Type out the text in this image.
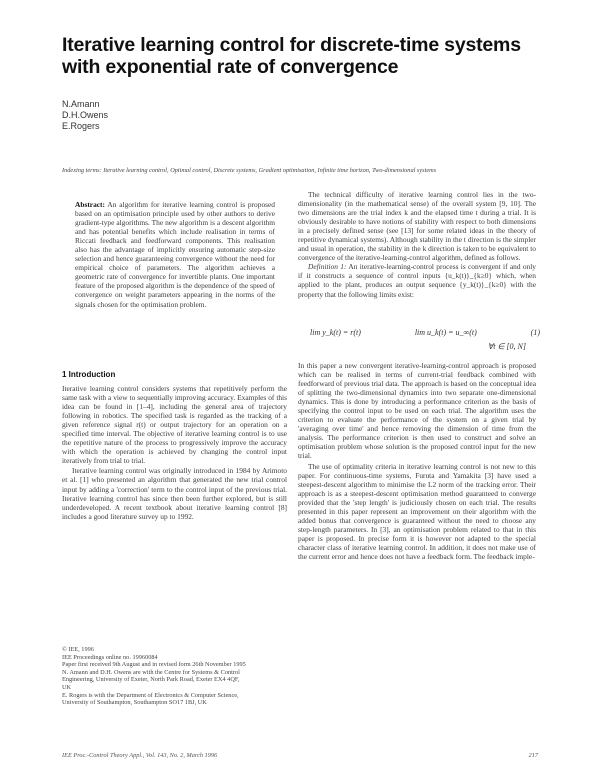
Iterative learning control for discrete-time systems
with exponential rate of convergence
N.Amann
D.H.Owens
E.Rogers
Indexing terms: Iterative learning control, Optimal control, Discrete systems, Gradient optimisation, Infinite time horizon, Two-dimensional systems

Abstract: An algorithm for iterative learning control is proposed based on an optimisation principle used by other authors to derive gradient-type algorithms. The new algorithm is a descent algorithm and has potential benefits which include realisation in terms of Riccati feedback and feedforward components. This realisation also has the advantage of implicitly ensuring automatic step-size selection and hence guaranteeing convergence without the need for empirical choice of parameters. The algorithm achieves a geometric rate of convergence for invertible plants. One important feature of the proposed algorithm is the dependence of the speed of convergence on weight parameters appearing in the norms of the signals chosen for the optimisation problem.

1 Introduction

Iterative learning control considers systems that repetitively perform the same task with a view to sequentially improving accuracy. Examples of this idea can be found in [1–4], including the general area of trajectory following in robotics. The specified task is regarded as the tracking of a given reference signal r(t) or output trajectory for an operation on a specified time interval. The objective of iterative learning control is to use the repetitive nature of the process to progressively improve the accuracy with which the operation is achieved by changing the control input iteratively from trial to trial.

Iterative learning control was originally introduced in 1984 by Arimoto et al. [1] who presented an algorithm that generated the new trial control input by adding a 'correction' term to the control input of the previous trial. Iterative learning control has since then been further explored, but is still underdeveloped. A recent textbook about iterative learning control [8] includes a good literature survey up to 1992.

© IEE, 1996
IEE Proceedings online no. 19960084
Paper first received 9th August and in revised form 26th November 1995
N. Amann and D.H. Owens are with the Centre for Systems & Control
Engineering, University of Exeter, North Park Road, Exeter EX4 4QF,
UK
E. Rogers is with the Department of Electronics & Computer Science,
University of Southampton, Southampton SO17 1BJ, UK

The technical difficulty of iterative learning control lies in the two-dimensionality (in the mathematical sense) of the overall system [9, 10]. The two dimensions are the trial index k and the elapsed time t during a trial. It is obviously desirable to have notions of stability with respect to both dimensions in a precisely defined sense (see [13] for some related ideas in the theory of repetitive dynamical systems). Although stability in the t direction is the simpler and usual in operation, the stability in the k direction is taken to be equivalent to convergence of the iterative-learning-control algorithm, defined as follows.

Definition 1: An iterative-learning-control process is convergent if and only if it constructs a sequence of control inputs {u_k(t)}_{k≥0} which, when applied to the plant, produces an output sequence {y_k(t)}_{k≥0} with the property that the following limits exist:

lim y_k(t) = r(t)	lim u_k(t) = u_∞(t)	(1)
∀t ∈ [0, N]

In this paper a new convergent iterative-learning-control approach is proposed which can be realised in terms of current-trial feedback combined with feedforward of previous trial data. The approach is based on the conceptual idea of splitting the two-dimensional dynamics into two separate one-dimensional dynamics. This is done by introducing a performance criterion as the basis of specifying the control input to be used on each trial. The algorithm uses the criterion to evaluate the performance of the system on a given trial by 'averaging over time' and hence removing the dimension of time from the analysis. The performance criterion is then used to construct and solve an optimisation problem whose solution is the proposed control input for the new trial.

The use of optimality criteria in iterative learning control is not new to this paper. For continuous-time systems, Furuta and Yamakita [3] have used a steepest-descent algorithm to minimise the L2 norm of the tracking error. Their approach is as a steepest-descent optimisation method guaranteed to converge provided that the 'step length' is judiciously chosen on each trial. The results presented in this paper represent an improvement on their algorithm with the added bonus that convergence is guaranteed without the need to choose any step-length parameters. In [3], an optimisation problem related to that in this paper is proposed. In precise form it is however not adapted to the special character class of iterative learning control. In addition, it does not make use of the current error and hence does not have a feedback form. The feedback imple-

IEE Proc.-Control Theory Appl., Vol. 143, No. 2, March 1996	217
